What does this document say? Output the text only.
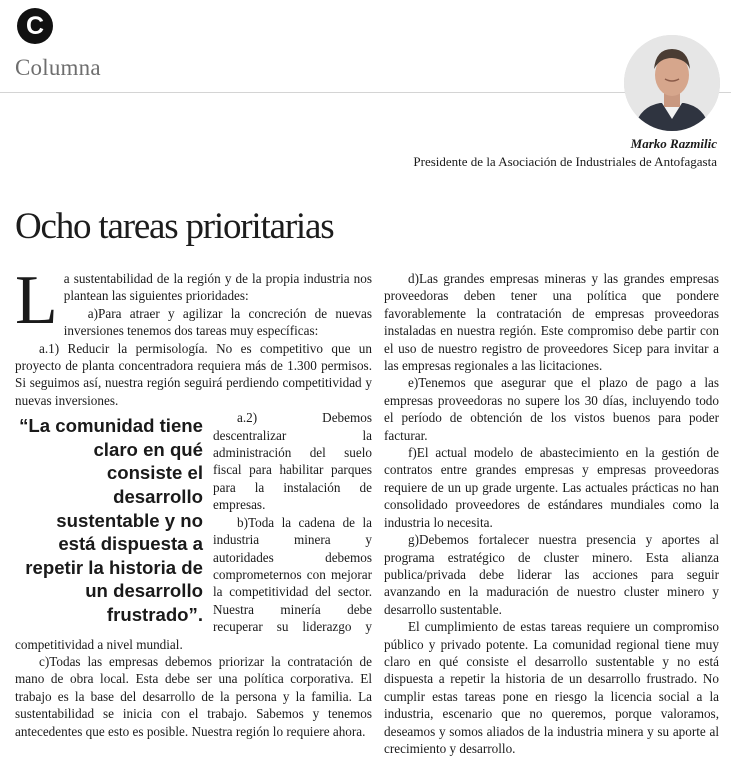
C
Columna
Marko Razmilic
Presidente de la Asociación de Industriales de Antofagasta
Ocho tareas prioritarias

La sustentabilidad de la región y de la propia industria nos plantean las siguientes prioridades:

a)Para atraer y agilizar la concreción de nuevas inversiones tenemos dos tareas muy específicas:

a.1) Reducir la permisología. No es competitivo que un proyecto de planta concentradora requiera más de 1.300 permisos. Si seguimos así, nuestra región seguirá perdiendo competitividad y nuevas inversiones.

“La comunidad tiene claro en qué consiste el desarrollo sustentable y no está dispuesta a repetir la historia de un desarrollo frustrado”.

a.2) Debemos descentralizar la administración del suelo fiscal para habilitar parques para la instalación de empresas.

b)Toda la cadena de la industria minera y autoridades debemos comprometernos con mejorar la competitividad del sector. Nuestra minería debe recuperar su liderazgo y competitividad a nivel mundial.

c)Todas las empresas debemos priorizar la contratación de mano de obra local. Esta debe ser una política corporativa. El trabajo es la base del desarrollo de la persona y la familia. La sustentabilidad se inicia con el trabajo. Sabemos y tenemos antecedentes que esto es posible. Nuestra región lo requiere ahora.

d)Las grandes empresas mineras y las grandes empresas proveedoras deben tener una política que pondere favorablemente la contratación de empresas proveedoras instaladas en nuestra región. Este compromiso debe partir con el uso de nuestro registro de proveedores Sicep para invitar a las empresas regionales a las licitaciones.

e)Tenemos que asegurar que el plazo de pago a las empresas proveedoras no supere los 30 días, incluyendo todo el período de obtención de los vistos buenos para poder facturar.

f)El actual modelo de abastecimiento en la gestión de contratos entre grandes empresas y empresas proveedoras requiere de un up grade urgente. Las actuales prácticas no han consolidado proveedores de estándares mundiales como la industria lo necesita.

g)Debemos fortalecer nuestra presencia y aportes al programa estratégico de cluster minero. Esta alianza publica/privada debe liderar las acciones para seguir avanzando en la maduración de nuestro cluster minero y desarrollo sustentable.

El cumplimiento de estas tareas requiere un compromiso público y privado potente. La comunidad regional tiene muy claro en qué consiste el desarrollo sustentable y no está dispuesta a repetir la historia de un desarrollo frustrado. No cumplir estas tareas pone en riesgo la licencia social a la industria, escenario que no queremos, porque valoramos, deseamos y somos aliados de la industria minera y su aporte al crecimiento y desarrollo.
